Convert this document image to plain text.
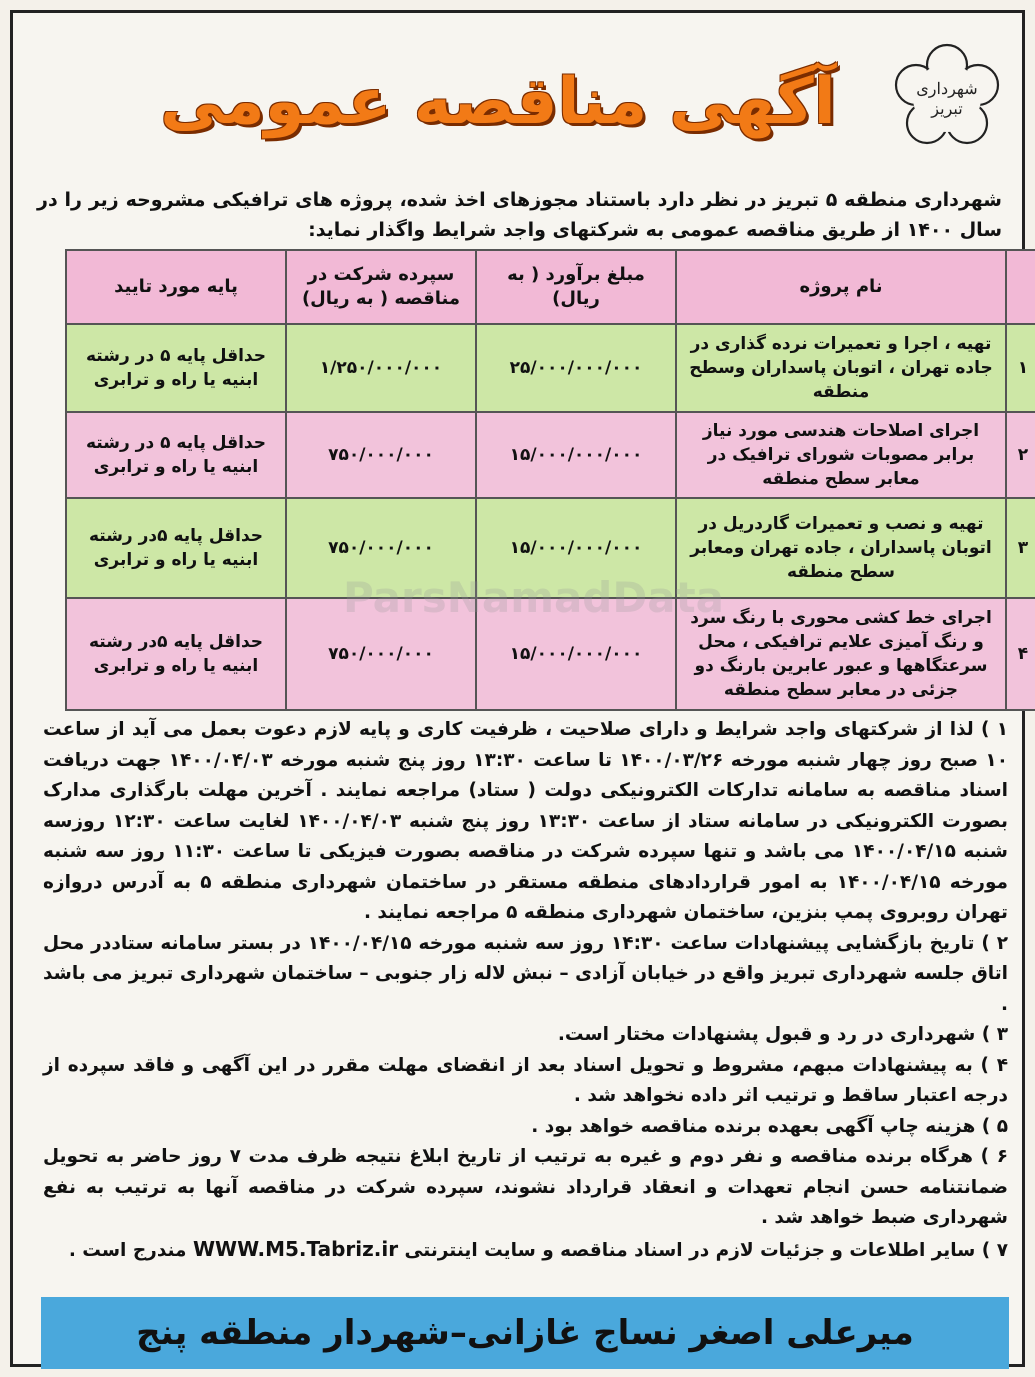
شهرداری
تبریز
آگهی مناقصه عمومی
شهرداری منطقه ۵ تبریز در نظر دارد باستناد مجوزهای اخذ شده، پروژه های ترافیکی مشروحه زیر را در سال ۱۴۰۰ از طریق مناقصه عمومی به شرکتهای واجد شرایط واگذار نماید:
	نام پروژه	مبلغ برآورد ( به ریال)	سپرده شرکت در مناقصه ( به ریال)	پایه مورد تایید
۱	تهیه ، اجرا و تعمیرات نرده گذاری در جاده تهران ، اتوبان پاسداران وسطح منطقه	۲۵/۰۰۰/۰۰۰/۰۰۰	۱/۲۵۰/۰۰۰/۰۰۰	حداقل پایه ۵ در رشته ابنیه یا راه و ترابری
۲	اجرای اصلاحات هندسی مورد نیاز برابر مصوبات شورای ترافیک در معابر سطح منطقه	۱۵/۰۰۰/۰۰۰/۰۰۰	۷۵۰/۰۰۰/۰۰۰	حداقل پایه ۵ در رشته ابنیه یا راه و ترابری
۳	تهیه و نصب و تعمیرات گاردریل در اتوبان پاسداران ، جاده تهران ومعابر سطح منطقه	۱۵/۰۰۰/۰۰۰/۰۰۰	۷۵۰/۰۰۰/۰۰۰	حداقل پایه ۵در رشته ابنیه یا راه و ترابری
۴	اجرای خط کشی محوری با رنگ سرد و رنگ آمیزی علایم ترافیکی ، محل سرعتگاهها و عبور عابرین بارنگ دو جزئی در معابر سطح منطقه	۱۵/۰۰۰/۰۰۰/۰۰۰	۷۵۰/۰۰۰/۰۰۰	حداقل پایه ۵در رشته ابنیه یا راه و ترابری
ParsNamadData

۱ ) لذا از شرکتهای واجد شرایط و دارای صلاحیت ، ظرفیت کاری و پایه لازم دعوت بعمل می آید از ساعت ۱۰ صبح روز چهار شنبه مورخه ۱۴۰۰/۰۳/۲۶ تا ساعت ۱۳:۳۰ روز پنج شنبه مورخه ۱۴۰۰/۰۴/۰۳ جهت دریافت اسناد مناقصه به سامانه تدارکات الکترونیکی دولت ( ستاد) مراجعه نمایند . آخرین مهلت بارگذاری مدارک بصورت الکترونیکی در سامانه ستاد از ساعت ۱۳:۳۰ روز پنج شنبه ۱۴۰۰/۰۴/۰۳ لغایت ساعت ۱۲:۳۰ روزسه شنبه ۱۴۰۰/۰۴/۱۵ می باشد و تنها سپرده شرکت در مناقصه بصورت فیزیکی تا ساعت ۱۱:۳۰ روز سه شنبه مورخه ۱۴۰۰/۰۴/۱۵ به امور قراردادهای منطقه مستقر در ساختمان شهرداری منطقه ۵ به آدرس دروازه تهران روبروی پمپ بنزین، ساختمان شهرداری منطقه ۵ مراجعه نمایند .

۲ ) تاریخ بازگشایی پیشنهادات ساعت ۱۴:۳۰ روز سه شنبه مورخه ۱۴۰۰/۰۴/۱۵ در بستر سامانه ستاددر محل اتاق جلسه شهرداری تبریز واقع در خیابان آزادی – نبش لاله زار جنوبی – ساختمان شهرداری تبریز می باشد .

۳ ) شهرداری در رد و قبول پشنهادات مختار است.

۴ ) به پیشنهادات مبهم، مشروط و تحویل اسناد بعد از انقضای مهلت مقرر در این آگهی و فاقد سپرده از درجه اعتبار ساقط و ترتیب اثر داده نخواهد شد .

۵ ) هزینه چاپ آگهی بعهده برنده مناقصه خواهد بود .

۶ ) هرگاه برنده مناقصه و نفر دوم و غیره به ترتیب از تاریخ ابلاغ نتیجه ظرف مدت ۷ روز حاضر به تحویل ضمانتنامه حسن انجام تعهدات و انعقاد قرارداد نشوند، سپرده شرکت در مناقصه آنها به ترتیب به نفع شهرداری ضبط خواهد شد .

۷ ) سایر اطلاعات و جزئیات لازم در اسناد مناقصه و سایت اینترنتی WWW.M5.Tabriz.ir مندرج است .

میرعلی اصغر نساج غازانی–شهردار منطقه پنج
